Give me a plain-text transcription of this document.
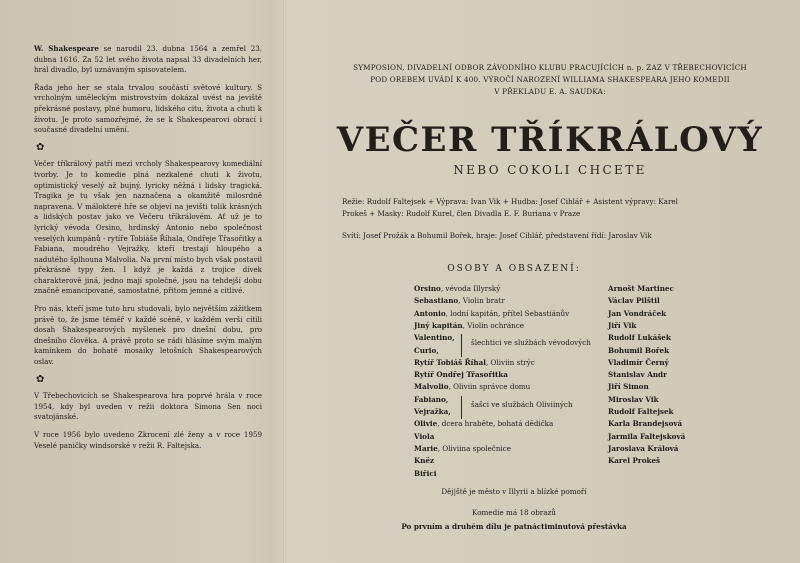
W. Shakespeare se narodil 23. dubna 1564 a zemřel 23. dubna 1616. Za 52 let svého života napsal 33 divadelních her, hrál divadlo, byl uznávaným spisovatelem.

Řada jeho her se stala trvalou součástí světové kultury. S vrcholným uměleckým mistrovstvím dokázal uvést na jeviště překrásné postavy, plné humoru, lidského citu, života a chuti k životu. Je proto samozřejmé, že se k Shakespearovi obrací i současné divadelní umění.

✿

Večer tříkrálový patří mezi vrcholy Shakespearovy komediální tvorby. Je to komedie plná nezkalené chuti k životu, optimistický veselý až bujný, lyricky něžná i lidsky tragická. Tragika je tu však jen naznačena a okamžitě milosrdně napravena. V málokteré hře se objeví na jevišti tolik krásných a lidských postav jako ve Večeru tříkrálovém. Ať už je to lyrický vévoda Orsino, hrdinský Antonio nebo společnost veselých kumpánů - rytíře Tobiáše Říhala, Ondřeje Třasořitky a Fabiana, moudrého Vejražky, kteří trestají hloupého a nadutého šplhouna Malvolia. Na první místo bych však postavil překrásné typy žen. I když je každá z trojice dívek charakterově jiná, jedno mají společné, jsou na tehdejší dobu značně emancipované, samostatné, přitom jemné a citlivé.

Pro nás, kteří jsme tuto hru studovali, bylo největším zážitkem právě to, že jsme téměř v každé scéně, v každém verši cítili dosah Shakespearových myšlenek pro dnešní dobu, pro dnešního člověka. A právě proto se rádi hlásíme svým malým kamínkem do bohaté mosaiky letošních Shakespearových oslav.

✿

V Třebechovicích se Shakespearova hra poprvé hrála v roce 1954, kdy byl uveden v režii doktora Simona Sen noci svatojánské.

V roce 1956 bylo uvedeno Zkrocení zlé ženy a v roce 1959 Veselé paničky windsorské v režii R. Faltejska.

SYMPOSION, DIVADELNÍ ODBOR ZÁVODNÍHO KLUBU PRACUJÍCÍCH n. p. ZAZ V TŘEBECHOVICÍCH
POD OREBEM UVÁDÍ K 400. VÝROČÍ NAROZENÍ WILLIAMA SHAKESPEARA JEHO KOMEDII
V PŘEKLADU E. A. SAUDKA:
VEČER TŘÍKRÁLOVÝ
NEBO COKOLI CHCETE
Režie: Rudolf Faltejsek + Výprava: Ivan Vik + Hudba: Josef Cihlář + Asistent výpravy: Karel
Prokeš + Masky: Rudolf Kurel, člen Divadla E. F. Buriana v Praze
Svítí: Josef Prožák a Bohumil Bořek, hraje: Josef Cihlář, představení řídí: Jaroslav Vik
OSOBY A OBSAZENÍ:
Orsino, vévoda Illyrský
Sebastiano, Violin bratr
Antonio, lodní kapitán, přítel Sebastiánův
Jiný kapitán, Violin ochránce
Valentino,
Curio,
Rytíř Tobiáš Říhal, Oliviin strýc
Rytíř Ondřej Třasořitka
Malvolio, Oliviin správce domu
Fabiano,
Vejražka,
Olivie, dcera hraběte, bohatá dědička
Viola
Marie, Oliviina společnice
Knëz
Biřici
šlechtici ve službách vévodových
šašci ve službách Oliviiných
Arnošt Martinec
Václav Pilštil
Jan Vondráček
Jiří Vik
Rudolf Lukášek
Bohumil Bořek
Vladimír Černý
Stanislav Andr
Jiří Simon
Miroslav Vik
Rudolf Faltejsek
Karla Brandejsová
Jarmila Faltejsková
Jaroslava Králová
Karel Prokeš
Děj|ště je město v Illyrii a blízké pomoří
Komedie má 18 obrazů
Po prvním a druhém dílu je patnáctiminutová přestávka
